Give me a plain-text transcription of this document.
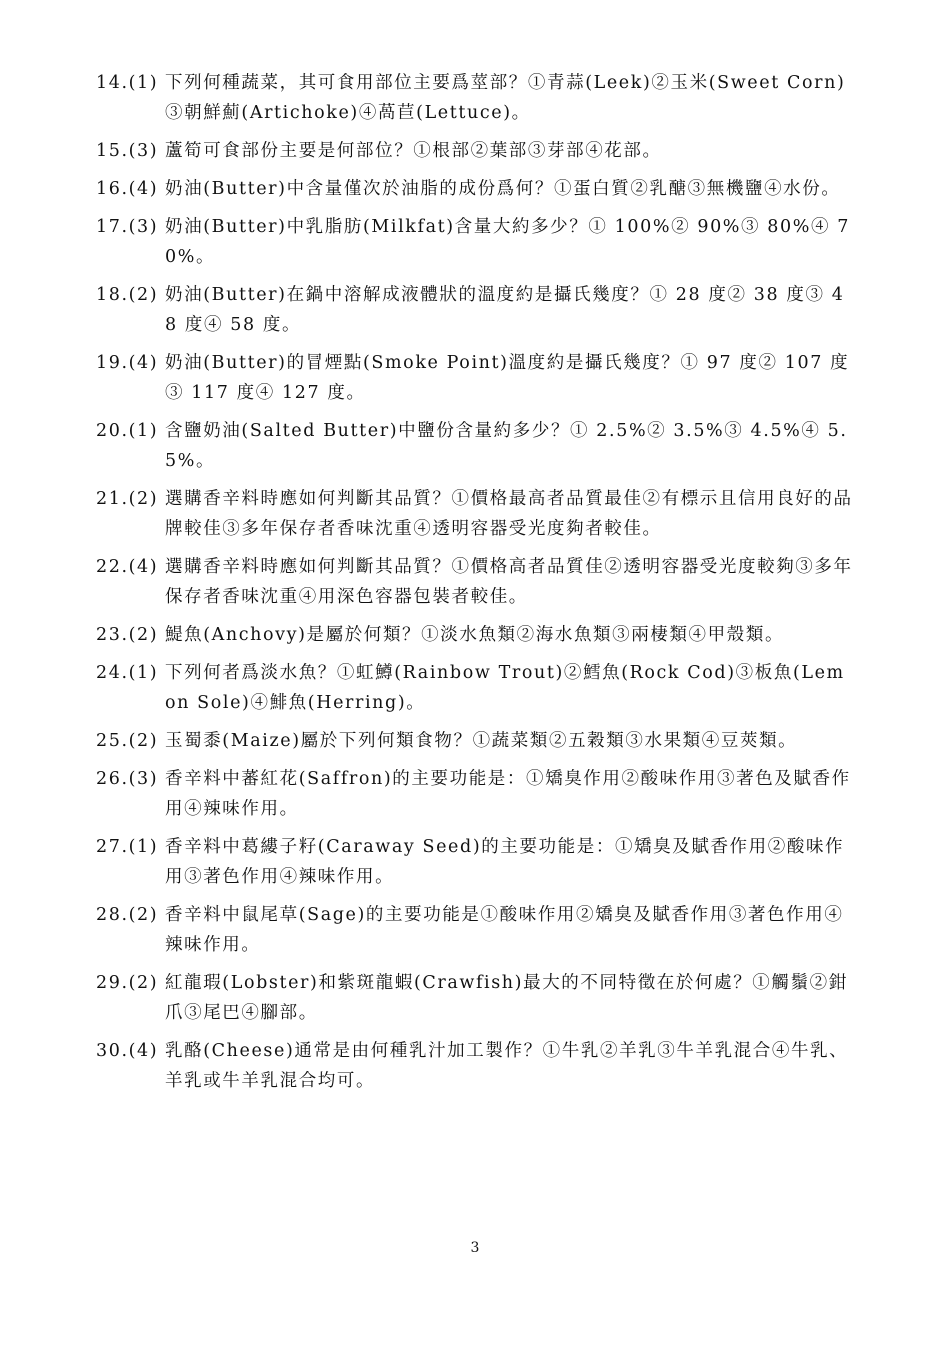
14.(1) 下列何種蔬菜，其可食用部位主要爲莖部？①青蒜(Leek)②玉米(Sweet Corn)③朝鮮薊(Artichoke)④萵苣(Lettuce)。
15.(3) 蘆筍可食部份主要是何部位？①根部②葉部③芽部④花部。
16.(4) 奶油(Butter)中含量僅次於油脂的成份爲何？①蛋白質②乳醣③無機鹽④水份。
17.(3) 奶油(Butter)中乳脂肪(Milkfat)含量大約多少？① 100%② 90%③ 80%④ 70%。
18.(2) 奶油(Butter)在鍋中溶解成液體狀的溫度約是攝氏幾度？① 28 度② 38 度③ 48 度④ 58 度。
19.(4) 奶油(Butter)的冒煙點(Smoke Point)溫度約是攝氏幾度？① 97 度② 107 度③ 117 度④ 127 度。
20.(1) 含鹽奶油(Salted Butter)中鹽份含量約多少？① 2.5%② 3.5%③ 4.5%④ 5.5%。
21.(2) 選購香辛料時應如何判斷其品質？①價格最高者品質最佳②有標示且信用良好的品牌較佳③多年保存者香味沈重④透明容器受光度夠者較佳。
22.(4) 選購香辛料時應如何判斷其品質？①價格高者品質佳②透明容器受光度較夠③多年保存者香味沈重④用深色容器包裝者較佳。
23.(2) 鯷魚(Anchovy)是屬於何類？①淡水魚類②海水魚類③兩棲類④甲殼類。
24.(1) 下列何者爲淡水魚？①虹鱒(Rainbow Trout)②鱈魚(Rock Cod)③板魚(Lemon Sole)④鯡魚(Herring)。
25.(2) 玉蜀黍(Maize)屬於下列何類食物？①蔬菜類②五穀類③水果類④豆莢類。
26.(3) 香辛料中蕃紅花(Saffron)的主要功能是：①矯臭作用②酸味作用③著色及賦香作用④辣味作用。
27.(1) 香辛料中葛縷子籽(Caraway Seed)的主要功能是：①矯臭及賦香作用②酸味作用③著色作用④辣味作用。
28.(2) 香辛料中鼠尾草(Sage)的主要功能是①酸味作用②矯臭及賦香作用③著色作用④辣味作用。
29.(2) 紅龍瑕(Lobster)和紫斑龍蝦(Crawfish)最大的不同特徵在於何處？①觸鬚②鉗爪③尾巴④腳部。
30.(4) 乳酪(Cheese)通常是由何種乳汁加工製作？①牛乳②羊乳③牛羊乳混合④牛乳、羊乳或牛羊乳混合均可。
3
